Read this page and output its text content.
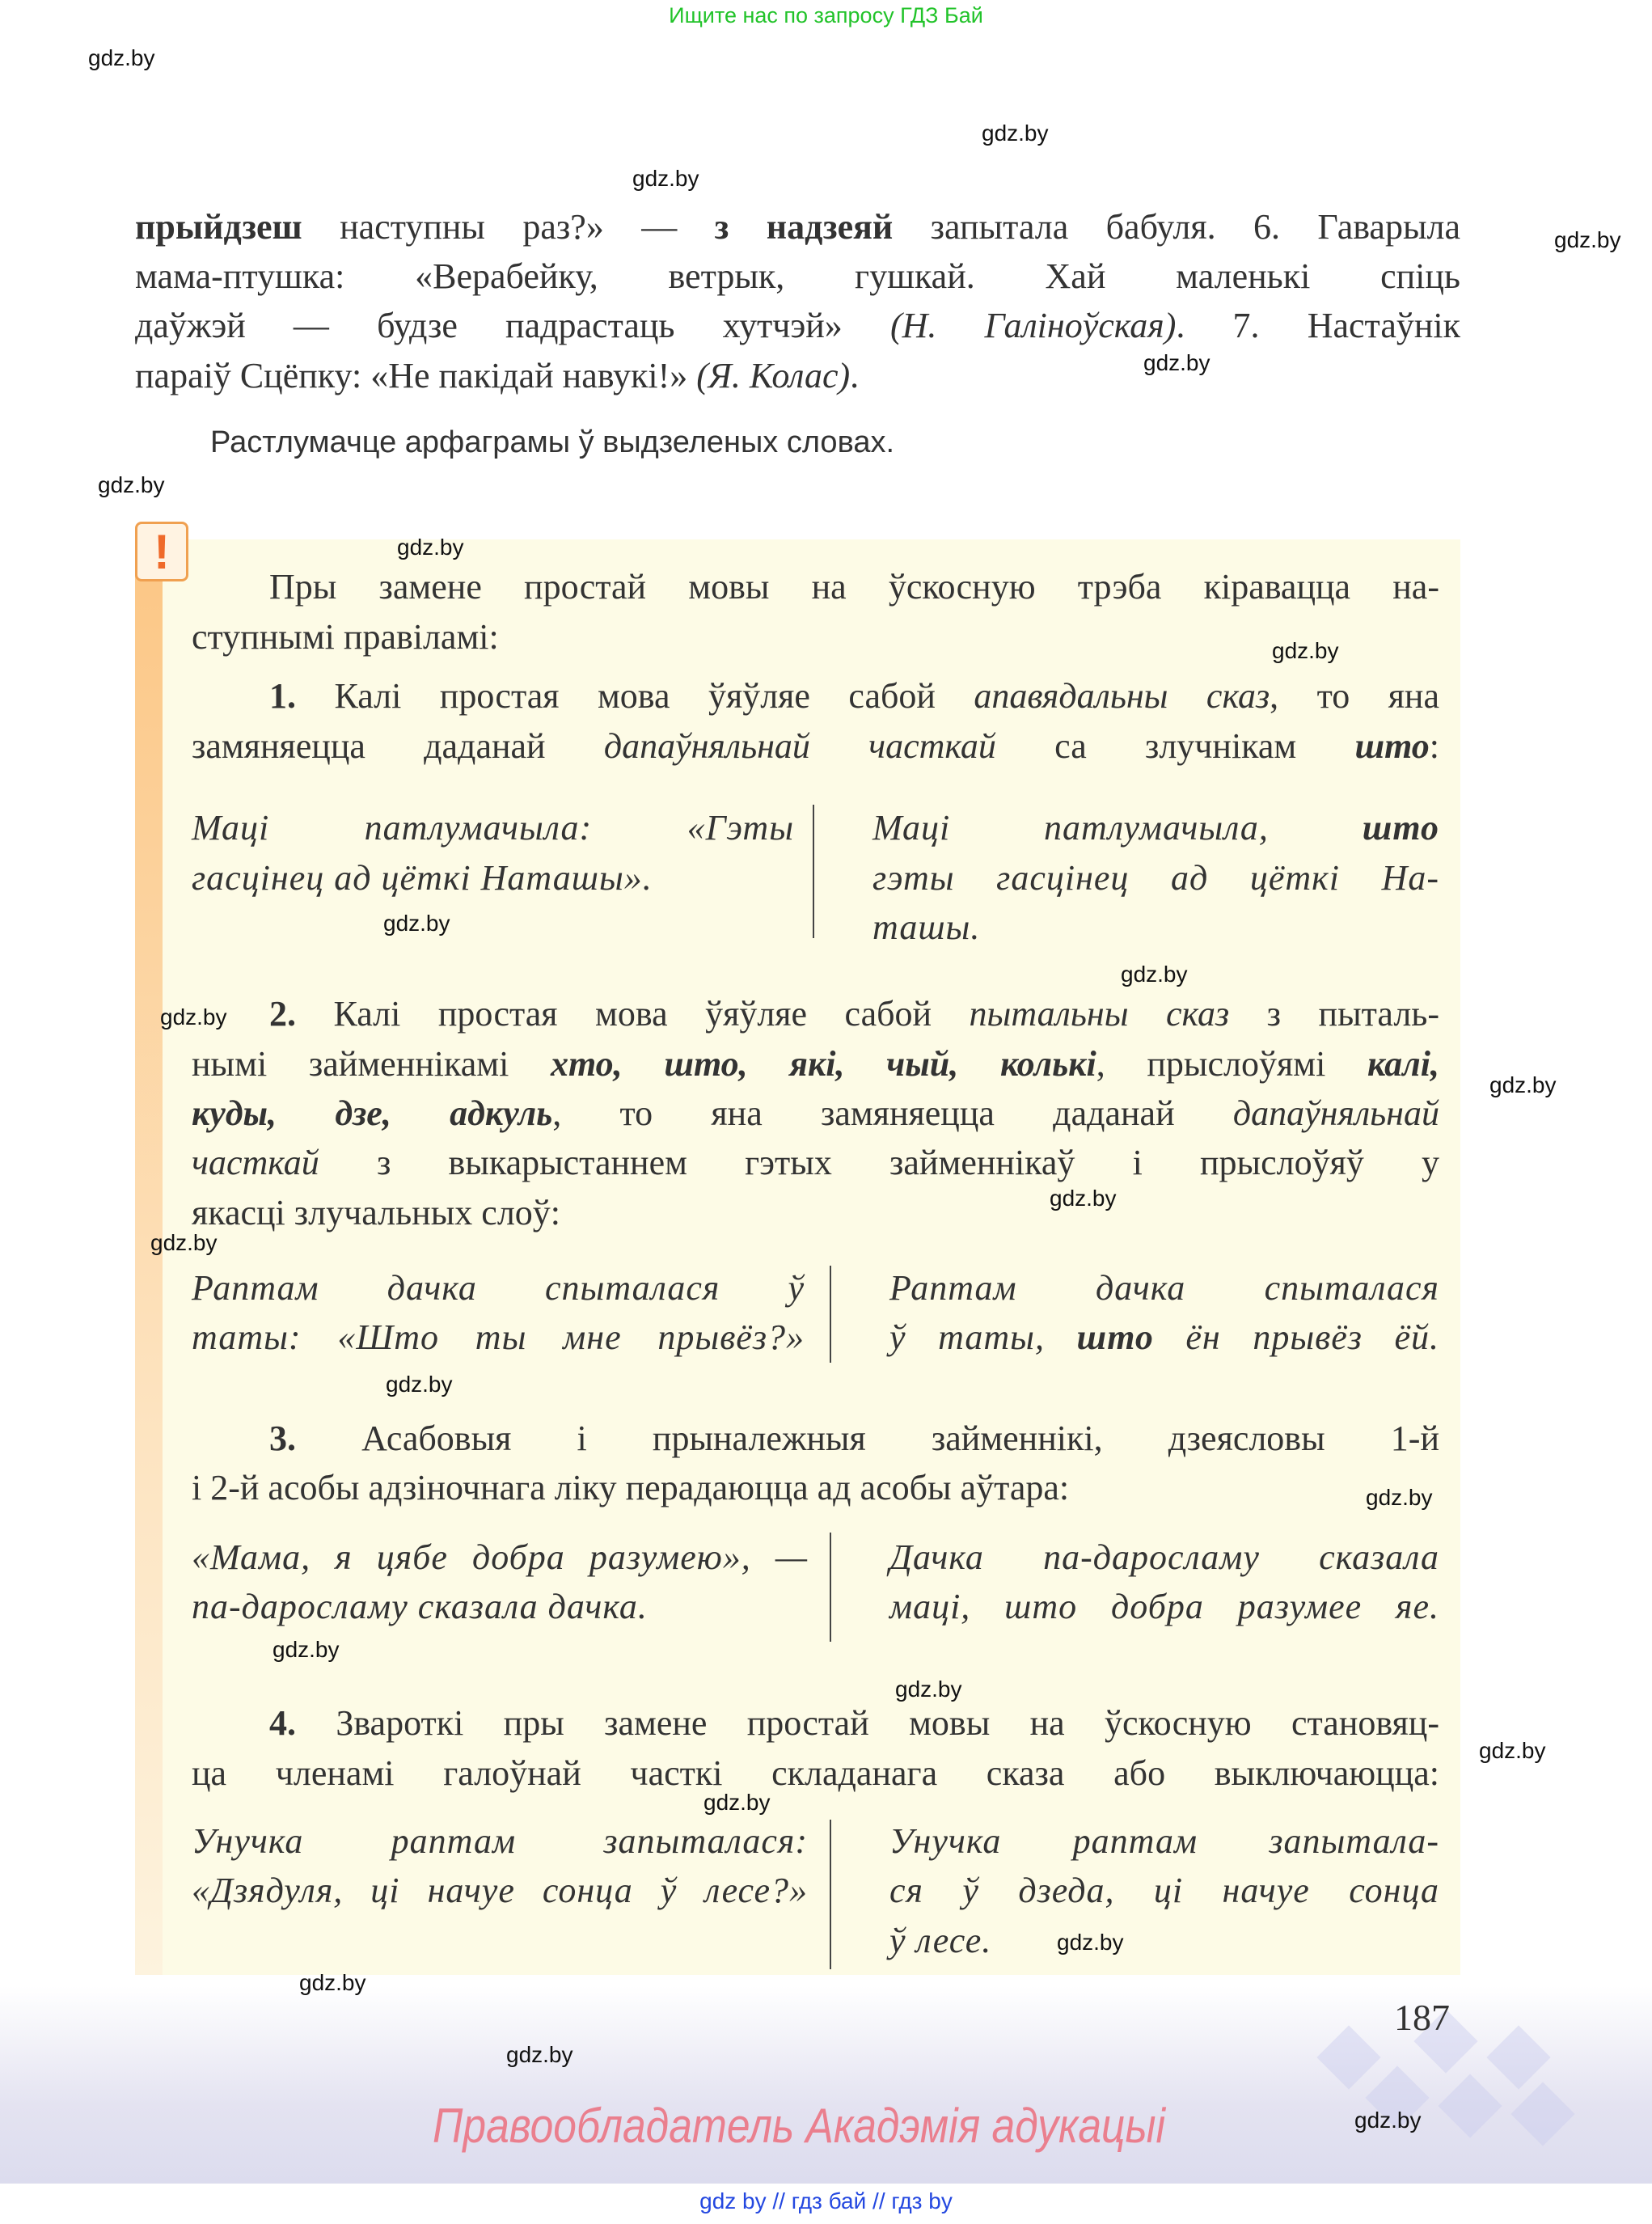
Ищите нас по запросу ГДЗ Бай
прыйдзеш наступны раз?» — з надзеяй запытала бабуля. 6. Гаварыла
мама-птушка: «Верабейку, ветрык, гушкай. Хай маленькі спіць
даўжэй — будзе падрастаць хутчэй» (Н. Галіноўская). 7. Настаўнік
параіў Сцёпку: «Не пакідай навукі!» (Я. Колас).
Растлумачце арфаграмы ў выдзеленых словах.
!
Пры замене простай мовы на ўскосную трэба кіравацца на-
ступнымі правіламі:
1. Калі простая мова ўяўляе сабой апавядальны сказ, то яна
замяняецца даданай дапаўняльнай часткай са злучнікам што:
Маці патлумачыла: «Гэты
гасцінец ад цёткі Наташы».
Маці патлумачыла, што
гэты гасцінец ад цёткі На-
ташы.
2. Калі простая мова ўяўляе сабой пытальны сказ з пыталь-
нымі займеннікамі хто, што, які, чый, колькі, прыслоўямі калі,
куды, дзе, адкуль, то яна замяняецца даданай дапаўняльнай
часткай з выкарыстаннем гэтых займеннікаў і прыслоўяў у
якасці злучальных слоў:
Раптам дачка спыталася ў
таты: «Што ты мне прывёз?»
Раптам дачка спыталася
ў таты, што ён прывёз ёй.
3. Асабовыя і прыналежныя займеннікі, дзеясловы 1-й
і 2-й асобы адзіночнага ліку перадаюцца ад асобы аўтара:
«Мама, я цябе добра разумею», —
па-даросламу сказала дачка.
Дачка па-даросламу сказала
маці, што добра разумее яе.
4. Звароткі пры замене простай мовы на ўскосную становяц-
ца членамі галоўнай часткі складанага сказа або выключаюцца:
Унучка раптам запыталася:
«Дзядуля, ці начуе сонца ў лесе?»
Унучка раптам запытала-
ся ў дзеда, ці начуе сонца
ў лесе.
187
Правообладатель Акадэмія адукацыі
gdz by // гдз бай // гдз by
gdz.by
gdz.by
gdz.by
gdz.by
gdz.by
gdz.by
gdz.by
gdz.by
gdz.by
gdz.by
gdz.by
gdz.by
gdz.by
gdz.by
gdz.by
gdz.by
gdz.by
gdz.by
gdz.by
gdz.by
gdz.by
gdz.by
gdz.by
gdz.by
